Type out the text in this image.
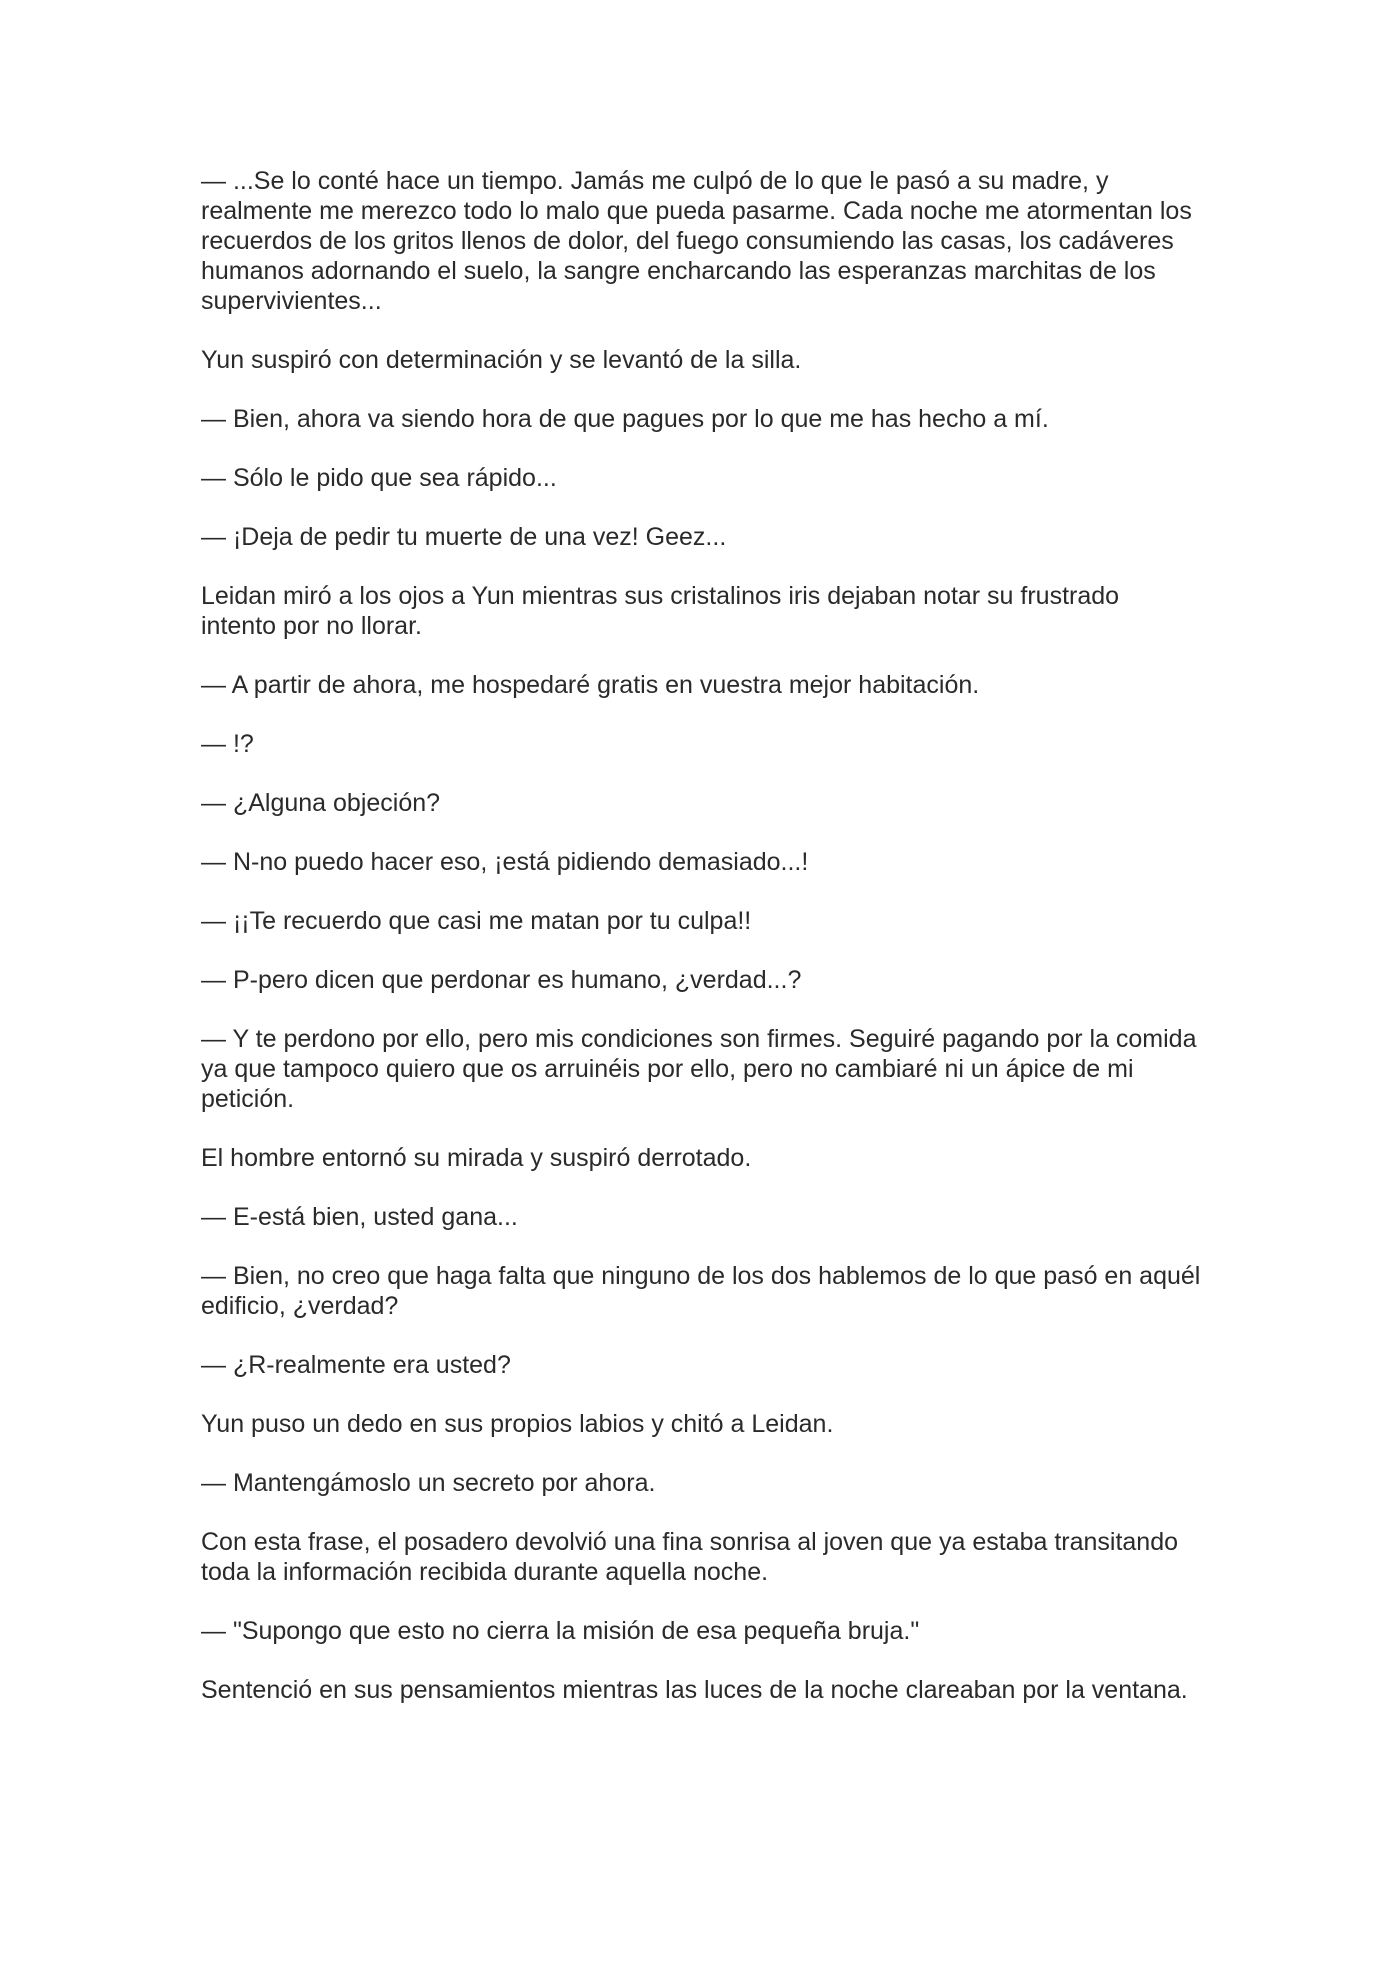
— ...Se lo conté hace un tiempo. Jamás me culpó de lo que le pasó a su madre, y realmente me merezco todo lo malo que pueda pasarme. Cada noche me atormentan los recuerdos de los gritos llenos de dolor, del fuego consumiendo las casas, los cadáveres humanos adornando el suelo, la sangre encharcando las esperanzas marchitas de los supervivientes...

Yun suspiró con determinación y se levantó de la silla.

— Bien, ahora va siendo hora de que pagues por lo que me has hecho a mí.

— Sólo le pido que sea rápido...

— ¡Deja de pedir tu muerte de una vez! Geez...

Leidan miró a los ojos a Yun mientras sus cristalinos iris dejaban notar su frustrado intento por no llorar.

— A partir de ahora, me hospedaré gratis en vuestra mejor habitación.

— !?

— ¿Alguna objeción?

— N-no puedo hacer eso, ¡está pidiendo demasiado...!

— ¡¡Te recuerdo que casi me matan por tu culpa!!

— P-pero dicen que perdonar es humano, ¿verdad...?

— Y te perdono por ello, pero mis condiciones son firmes. Seguiré pagando por la comida ya que tampoco quiero que os arruinéis por ello, pero no cambiaré ni un ápice de mi petición.

El hombre entornó su mirada y suspiró derrotado.

— E-está bien, usted gana...

— Bien, no creo que haga falta que ninguno de los dos hablemos de lo que pasó en aquél edificio, ¿verdad?

— ¿R-realmente era usted?

Yun puso un dedo en sus propios labios y chitó a Leidan.

— Mantengámoslo un secreto por ahora.

Con esta frase, el posadero devolvió una fina sonrisa al joven que ya estaba transitando toda la información recibida durante aquella noche.

— "Supongo que esto no cierra la misión de esa pequeña bruja."

Sentenció en sus pensamientos mientras las luces de la noche clareaban por la ventana.
